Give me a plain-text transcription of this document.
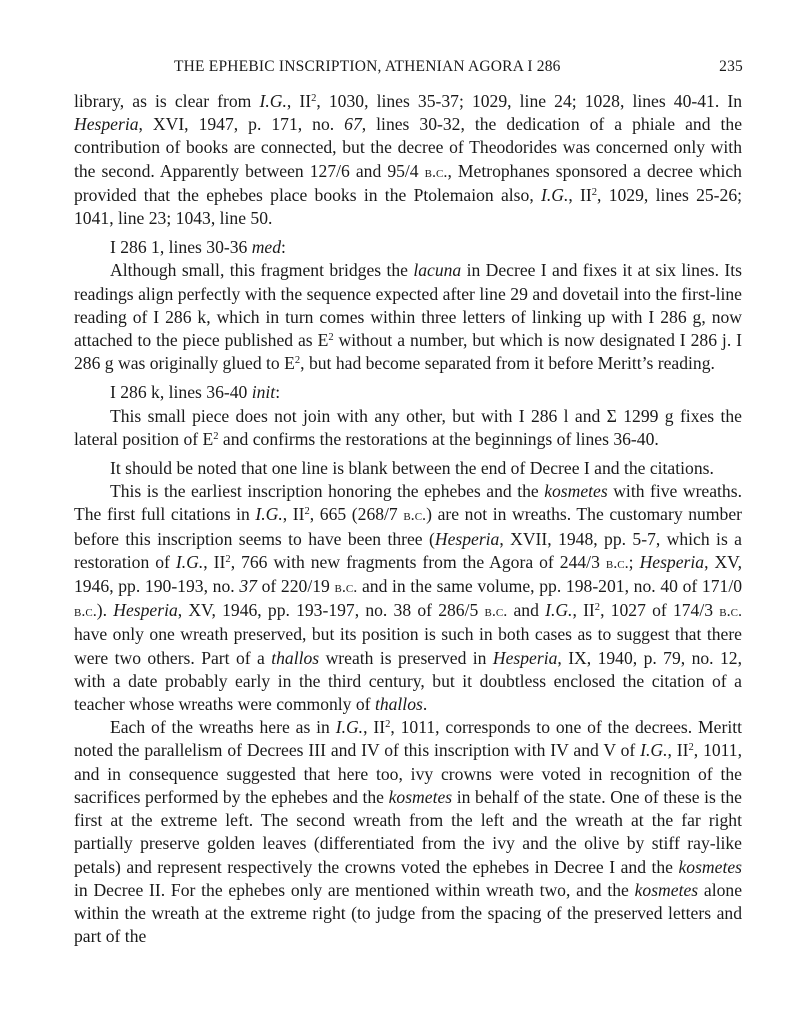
THE EPHEBIC INSCRIPTION, ATHENIAN AGORA I 286	235

library, as is clear from I.G., $II^2$, 1030, lines 35-37; 1029, line 24; 1028, lines 40-41. In Hesperia, XVI, 1947, p. 171, no. 67, lines 30-32, the dedication of a phiale and the contribution of books are connected, but the decree of Theodorides was concerned only with the second. Apparently between 127/6 and 95/4 b.c., Metrophanes sponsored a decree which provided that the ephebes place books in the Ptolemaion also, I.G., $II^2$, 1029, lines 25-26; 1041, line 23; 1043, line 50.

I 286 1, lines 30-36 med:

Although small, this fragment bridges the lacuna in Decree I and fixes it at six lines. Its readings align perfectly with the sequence expected after line 29 and dovetail into the first-line reading of I 286 k, which in turn comes within three letters of linking up with I 286 g, now attached to the piece published as $E^2$ without a number, but which is now designated I 286 j. I 286 g was originally glued to $E^2$, but had become separated from it before Meritt’s reading.

I 286 k, lines 36-40 init:

This small piece does not join with any other, but with I 286 l and Σ 1299 g fixes the lateral position of $E^2$ and confirms the restorations at the beginnings of lines 36-40.

It should be noted that one line is blank between the end of Decree I and the citations.

This is the earliest inscription honoring the ephebes and the kosmetes with five wreaths. The first full citations in I.G., $II^2$, 665 (268/7 b.c.) are not in wreaths. The customary number before this inscription seems to have been three (Hesperia, XVII, 1948, pp. 5-7, which is a restoration of I.G., $II^2$, 766 with new fragments from the Agora of 244/3 b.c.; Hesperia, XV, 1946, pp. 190-193, no. 37 of 220/19 b.c. and in the same volume, pp. 198-201, no. 40 of 171/0 b.c.). Hesperia, XV, 1946, pp. 193-197, no. 38 of 286/5 b.c. and I.G., $II^2$, 1027 of 174/3 b.c. have only one wreath preserved, but its position is such in both cases as to suggest that there were two others. Part of a thallos wreath is preserved in Hesperia, IX, 1940, p. 79, no. 12, with a date probably early in the third century, but it doubtless enclosed the citation of a teacher whose wreaths were commonly of thallos.

Each of the wreaths here as in I.G., $II^2$, 1011, corresponds to one of the decrees. Meritt noted the parallelism of Decrees III and IV of this inscription with IV and V of I.G., $II^2$, 1011, and in consequence suggested that here too, ivy crowns were voted in recognition of the sacrifices performed by the ephebes and the kosmetes in behalf of the state. One of these is the first at the extreme left. The second wreath from the left and the wreath at the far right partially preserve golden leaves (differentiated from the ivy and the olive by stiff ray-like petals) and represent respectively the crowns voted the ephebes in Decree I and the kosmetes in Decree II. For the ephebes only are mentioned within wreath two, and the kosmetes alone within the wreath at the extreme right (to judge from the spacing of the preserved letters and part of the
